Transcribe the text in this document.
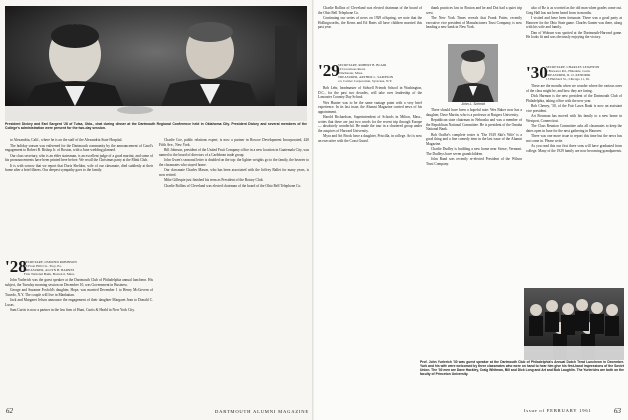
President Dickey and Earl Sargent '28 of Tulsa, Okla., chat during dinner at the Dartmouth Regional Conference held in Oklahoma City. President Dickey and several members of the College's administration were present for the two-day session.

to Alexandria, Calif., where he is on the staff of the Alexandria State Hospital.

The holiday season was enlivened for the Dartmouth community by the announcement of Carol's engagement to Robert B. Bishop Jr. of Boston, with a June wedding planned.

Our class secretary, who is an elder statesman, is an excellent judge of a good martini, and some of his pronouncements have been printed here before. We recall the Christmas party at the Mink Club.

It is with sorrow that we report that Doris Sheldon, wife of our classmate, died suddenly at their home after a brief illness. Our deepest sympathy goes to the family.

'28
SECRETARY, OSMUND ROBINSON
20 Frost Hill Cir., Troy, Pa.
TREASURER, ALLYN H. BARNES
First National Bank, Boston 6, Mass.

John Yurlerich was the guest speaker at the Dartmouth Club of Philadelphia annual luncheon. His subject, the Tuesday morning session on December 10, was Government in Business.

George and Suzanne Fosfold's daughter, Hope, was married December 1 to Henry McGovern of Tuxedo, N.Y. The couple will live in Manhattan.

Jack and Margaret Jelson announce the engagement of their daughter Margaret Jean to Donald C. Lucas.

Sam Curtis is now a partner in the law firm of Hunt, Curtis & Heald in New York City.

Charlie Coe, public relations expert, is now a partner in Roscoe Development Incorporated, 420 Fifth Ave., New York.

Bill Johnson, president of the United Fruit Company office in a new location in Guatemala City, was named to the board of directors of a Caribbean trade group.

John Gwen's seasonal letter is doubled on the top: the lighter weights go to the family, the heavier to the classmates who stayed home.

Our classmate Charles Mason, who has been associated with the Joffrey Ballet for many years, is now retired.

Mike Gillespie just finished his term as President of the Rotary Club.

Charlie Rollins of Cleveland was elected chairman of the board of the Ohio Bell Telephone Co.

62
'29
SECRETARY, ROBERT B. BLAIR
19 Crosstrees Road,
Winchester, Mass.
TREASURER, ARTHUR L. SAMPSON
c/o Carrier Corporation, Syracuse, N.Y.

Charlie Rollins of Cleveland was elected chairman of the board of the Ohio Bell Telephone Co.

Continuing our series of news on 1929 offspring, we note that the Hollingworths, the Kerns and Ed Bates all have children married this past year.

Bob Lehr, headmaster of Sidwell Friends School in Washington, D.C., for the past two decades, will take over leadership of the Lancaster Country Day School.

Wes Hunter was to be the same vantage point with a very brief experience. In its last issue, the Alumni Magazine carried news of his appointment.

Harold Richardson, Superintendent of Schools in Milton, Mass., writes that there are just two words for the recent trip through Europe — absolutely wonderful. He made the tour in a chartered group under the auspices of Harvard University.

Myra and Art Brock have a daughter, Priscilla, in college. Art is now an executive with the Coast Guard.

thank practices law in Boston and he and Dot had a quiet trip west.

The New York Times reveals that Frank Potter, recently executive vice president of Manufacturers Trust Company, is now heading a new bank in New York.

John L. Schmid

There should have been a hopeful note: Wes Baker now has a daughter, Dave Martin, who is a professor at Rutgers University.

Republican state chairman in Nebraska and was a member of the Republican National Committee. He is president of the Omaha National Bank.

Bob Oralbe's complete roster is 'The 1929 Skit's Wife' is a good thing and a fine comedy item in the last issue of the Alumni Magazine.

Charlie Dudley is building a new home near Stowe, Vermont. The Dudleys have seven grandchildren.

John Rand was recently re-elected President of the Wilson Trust Company.

also of Bz is as worried as the old man when grades come out. Greg Hall has not been heard from in months.

I visited and have been fortunate. There was a good party at Hanover for the Ohio State game. Charles Ganter was there, along with his wife and family.

Dan of Woburn was spotted at the Dartmouth-Harvard game. He looks fit and was obviously enjoying the victory.

'30
SECRETARY, CHARLES LEIGHTON
6 Brewster Rd., Hinsdale, Conn.
TREASURER, R. O. KENDRIK
15 Hubbard St., Chicago 11, Ill.

These are the months when we wonder where the various ones of the class might be, and how they are faring.

Dick Harmon is the new president of the Dartmouth Club of Philadelphia, taking office with the new year.

Bob Cheney, '30, of the Fair Lawn Bank is now an assistant vice president.

Art Bowman has moved with his family to a new home in Westport, Connecticut.

The Class Reunion Committee asks all classmates to keep the dates open in June for the next gathering in Hanover.

There was one more issue to report this time but the news has not come in. Please write.

As you read this our first three sons will have graduated from college. Many of the 1929 family are now becoming grandparents.

Prof. John Yurlerich '30 was guest speaker at the Dartmouth Club of Philadelphia's Annual Dutch Treat Luncheon in December. Yurk and his wife were welcomed by three classmates who were on hand to hear him give his first-hand impressions of the Soviet Union. The '30 men are Dave Hackley, Craig Whitman, Bill and Dick Long and Art and Bob Laughlin. The Yurlerichs are both on the faculty of Princeton University.
Issue of FEBRUARY 1961	63
DARTMOUTH ALUMNI MAGAZINE
